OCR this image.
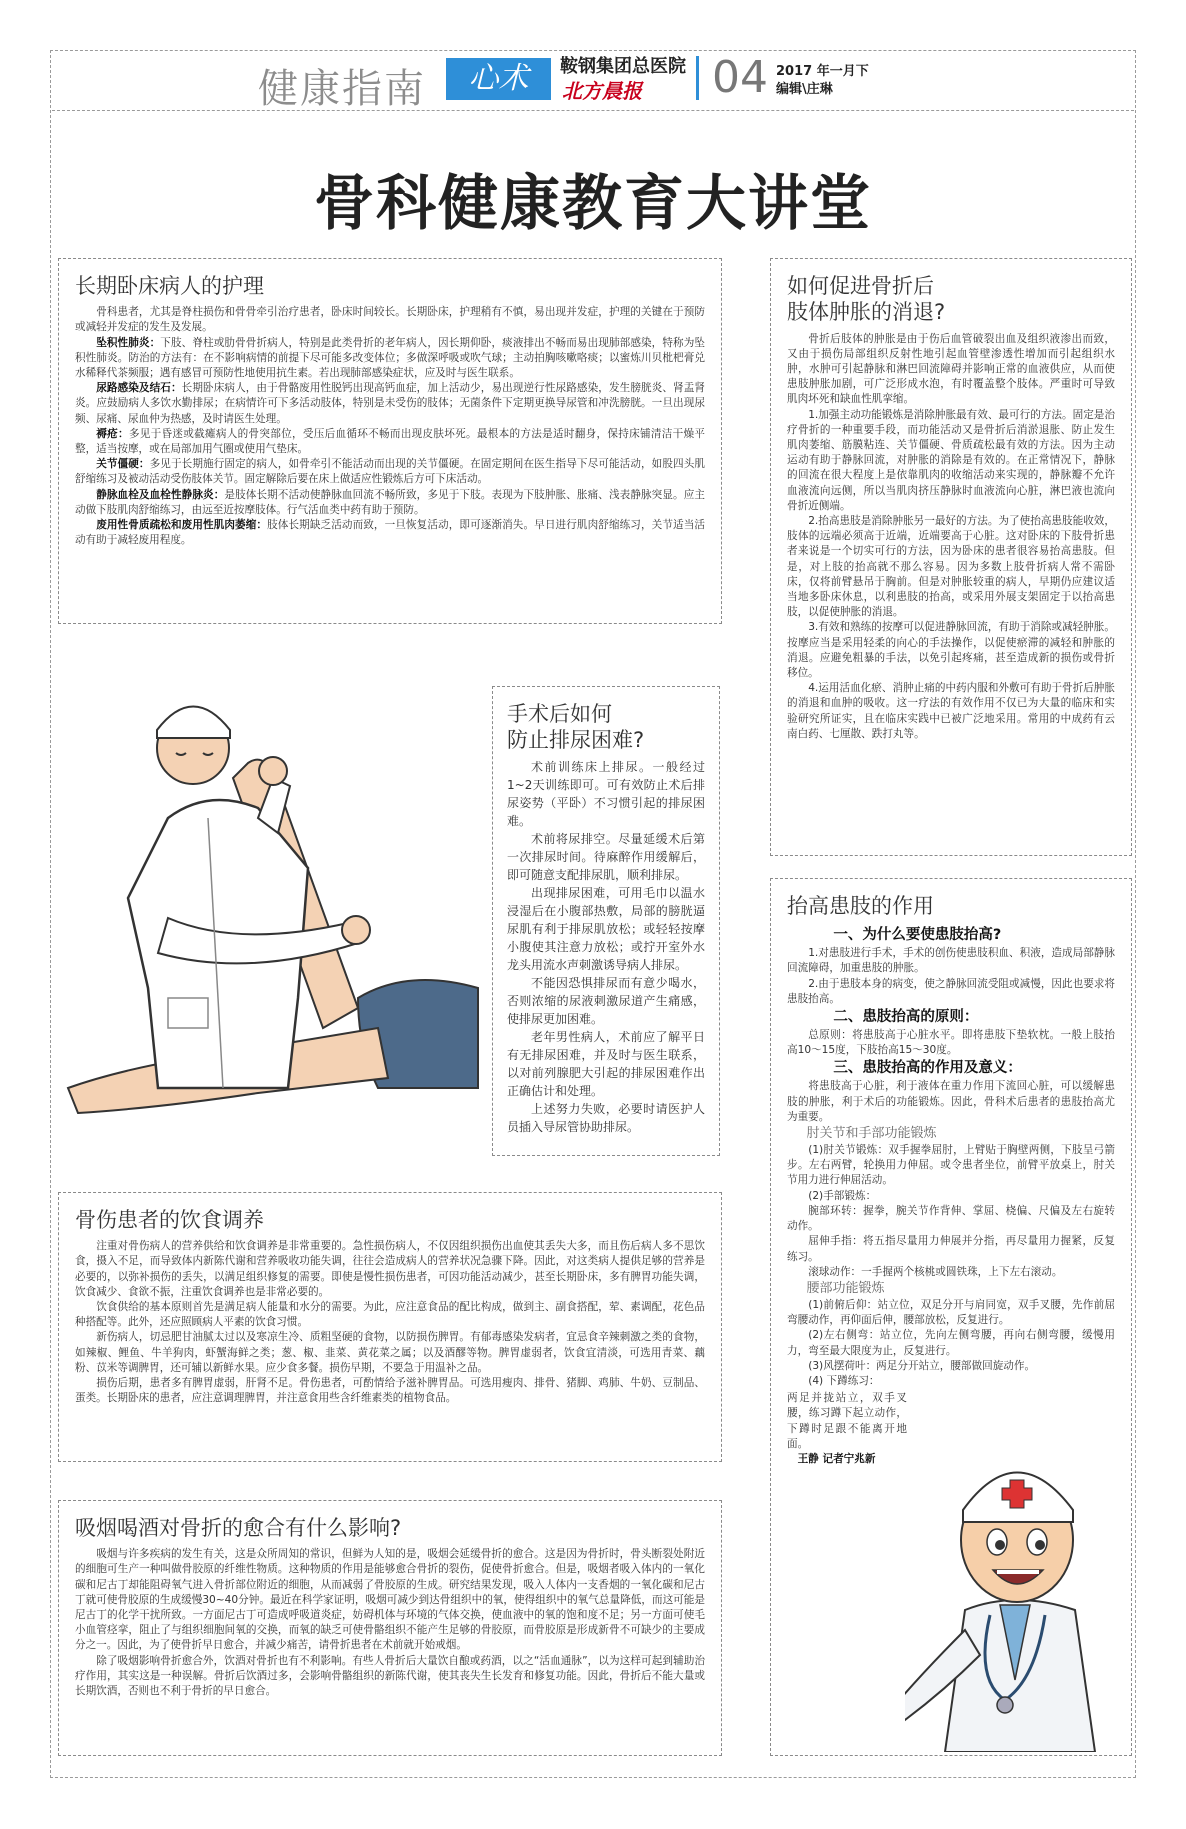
健康指南	心术	鞍钢集团总医院
北方晨报 04 2017 年一月下
编辑\庄琳
骨科健康教育大讲堂
长期卧床病人的护理

骨科患者，尤其是脊柱损伤和骨骨牵引治疗患者，卧床时间较长。长期卧床，护理稍有不慎，易出现并发症，护理的关键在于预防或减轻并发症的发生及发展。

坠积性肺炎：下肢、脊柱或肋骨骨折病人，特别是此类骨折的老年病人，因长期仰卧，痰液排出不畅而易出现肺部感染，特称为坠积性肺炎。防治的方法有：在不影响病情的前提下尽可能多改变体位；多做深呼吸或吹气球；主动拍胸咳嗽咯痰；以蜜炼川贝枇杷膏兑水稀释代茶频服；遇有感冒可预防性地使用抗生素。若出现肺部感染症状，应及时与医生联系。

尿路感染及结石：长期卧床病人，由于骨骼废用性脱钙出现高钙血症，加上活动少，易出现逆行性尿路感染，发生膀胱炎、肾盂肾炎。应鼓励病人多饮水勤排尿；在病情许可下多活动肢体，特别是未受伤的肢体；无菌条件下定期更换导尿管和冲洗膀胱。一旦出现尿频、尿痛、尿血仲为热感，及时请医生处理。

褥疮：多见于昏迷或截瘫病人的骨突部位，受压后血循环不畅而出现皮肤坏死。最根本的方法是适时翻身，保持床铺清洁干燥平整，适当按摩，或在局部加用气圈或使用气垫床。

关节僵硬：多见于长期施行固定的病人，如骨牵引不能活动而出现的关节僵硬。在固定期间在医生指导下尽可能活动，如股四头肌舒缩练习及被动活动受伤肢体关节。固定解除后要在床上做适应性锻炼后方可下床活动。

静脉血栓及血栓性静脉炎：是肢体长期不活动使静脉血回流不畅所致，多见于下肢。表现为下肢肿胀、胀痛、浅表静脉突显。应主动做下肢肌肉舒缩练习，由远至近按摩肢体。行气活血类中药有助于预防。

废用性骨质疏松和废用性肌肉萎缩：肢体长期缺乏活动而致，一旦恢复活动，即可逐渐消失。早日进行肌肉舒缩练习，关节适当活动有助于减轻废用程度。

手术后如何
防止排尿困难?

术前训练床上排尿。一般经过1~2天训练即可。可有效防止术后排尿姿势（平卧）不习惯引起的排尿困难。

术前将尿排空。尽量延缓术后第一次排尿时间。待麻醉作用缓解后，即可随意支配排尿肌，顺利排尿。

出现排尿困难，可用毛巾以温水浸湿后在小腹部热敷，局部的膀胱逼尿肌有利于排尿肌放松；或轻轻按摩小腹使其注意力放松；或拧开室外水龙头用流水声刺激诱导病人排尿。

不能因恐惧排尿而有意少喝水，否则浓缩的尿液刺激尿道产生痛感，使排尿更加困难。

老年男性病人，术前应了解平日有无排尿困难，并及时与医生联系，以对前列腺肥大引起的排尿困难作出正确估计和处理。

上述努力失败，必要时请医护人员插入导尿管协助排尿。

骨伤患者的饮食调养

注重对骨伤病人的营养供给和饮食调养是非常重要的。急性损伤病人，不仅因组织损伤出血使其丢失大多，而且伤后病人多不思饮食，摄入不足，而导致体内新陈代谢和营养吸收功能失调，往往会造成病人的营养状况急骤下降。因此，对这类病人提供足够的营养是必要的，以弥补损伤的丢失，以满足组织修复的需要。即使是慢性损伤患者，可因功能活动减少，甚至长期卧床，多有脾胃功能失调，饮食减少、食欲不振，注重饮食调养也是非常必要的。

饮食供给的基本原则首先是满足病人能量和水分的需要。为此，应注意食品的配比构成，做到主、副食搭配，荤、素调配，花色品种搭配等。此外，还应照顾病人平素的饮食习惯。

新伤病人，切忌肥甘油腻太过以及寒凉生冷、质粗坚硬的食物，以防损伤脾胃。有郁毒感染发病者，宜忌食辛辣刺激之类的食物，如辣椒、鲤鱼、牛羊狗肉，虾蟹海鲜之类；葱、椒、韭菜、黄花菜之属；以及酒醪等物。脾胃虚弱者，饮食宜清淡，可选用青菜、藕粉、苡米等调脾胃，还可辅以新鲜水果。应少食多餐。损伤早期，不要急于用温补之品。

损伤后期，患者多有脾胃虚弱，肝肾不足。骨伤患者，可酌情给予滋补脾胃品。可选用瘦肉、排骨、猪脚、鸡肺、牛奶、豆制品、蛋类。长期卧床的患者，应注意调理脾胃，并注意食用些含纤维素类的植物食品。

吸烟喝酒对骨折的愈合有什么影响?

吸烟与许多疾病的发生有关，这是众所周知的常识，但鲜为人知的是，吸烟会延缓骨折的愈合。这是因为骨折时，骨头断裂处附近的细胞可生产一种叫做骨胶原的纤维性物质。这种物质的作用是能够愈合骨折的裂伤，促使骨折愈合。但是，吸烟者吸入体内的一氧化碳和尼古丁却能阻碍氧气进入骨折部位附近的细胞，从而减弱了骨胶原的生成。研究结果发现，吸入人体内一支香烟的一氧化碳和尼古丁就可使骨胶原的生成缓慢30~40分钟。最近在科学家证明，吸烟可减少到达骨组织中的氧，使得组织中的氧气总量降低，而这可能是尼古丁的化学干扰所致。一方面尼古丁可造成呼吸道炎症，妨碍机体与环境的气体交换，使血液中的氧的饱和度不足；另一方面可使毛小血管痉挛，阻止了与组织细胞间氧的交换，而氧的缺乏可使骨骼组织不能产生足够的骨胶原，而骨胶原是形成新骨不可缺少的主要成分之一。因此，为了使骨折早日愈合，并减少痛苦，请骨折患者在术前就开始戒烟。

除了吸烟影响骨折愈合外，饮酒对骨折也有不利影响。有些人骨折后大量饮自酿或药酒，以之“活血通脉”，以为这样可起到辅助治疗作用，其实这是一种误解。骨折后饮酒过多，会影响骨骼组织的新陈代谢，使其丧失生长发育和修复功能。因此，骨折后不能大量或长期饮酒，否则也不利于骨折的早日愈合。

如何促进骨折后
肢体肿胀的消退?

骨折后肢体的肿胀是由于伤后血管破裂出血及组织液渗出而致，又由于损伤局部组织反射性地引起血管壁渗透性增加而引起组织水肿，水肿可引起静脉和淋巴回流障碍并影响正常的血液供应，从而使患肢肿胀加剧，可广泛形成水泡，有时覆盖整个肢体。严重时可导致肌肉坏死和缺血性肌挛缩。

1.加强主动功能锻炼是消除肿胀最有效、最可行的方法。固定是治疗骨折的一种重要手段，而功能活动又是骨折后消淤退胀、防止发生肌肉萎缩、筋膜粘连、关节僵硬、骨质疏松最有效的方法。因为主动运动有助于静脉回流，对肿胀的消除是有效的。在正常情况下，静脉的回流在很大程度上是依靠肌肉的收缩活动来实现的，静脉瓣不允许血液流向远侧，所以当肌肉挤压静脉时血液流向心脏，淋巴液也流向骨折近侧端。

2.抬高患肢是消除肿胀另一最好的方法。为了使抬高患肢能收效，肢体的远端必须高于近端，近端要高于心脏。这对卧床的下肢骨折患者来说是一个切实可行的方法，因为卧床的患者很容易抬高患肢。但是，对上肢的抬高就不那么容易。因为多数上肢骨折病人常不需卧床，仅将前臂悬吊于胸前。但是对肿胀较重的病人，早期仍应建议适当地多卧床休息，以利患肢的抬高，或采用外展支架固定于以抬高患肢，以促使肿胀的消退。

3.有效和熟练的按摩可以促进静脉回流，有助于消除或减轻肿胀。按摩应当是采用轻柔的向心的手法操作，以促使瘀滞的减轻和肿胀的消退。应避免粗暴的手法，以免引起疼痛，甚至造成新的损伤或骨折移位。

4.运用活血化瘀、消肿止痛的中药内服和外敷可有助于骨折后肿胀的消退和血肿的吸收。这一疗法的有效作用不仅已为大量的临床和实验研究所证实，且在临床实践中已被广泛地采用。常用的中成药有云南白药、七厘散、跌打丸等。

抬高患肢的作用

一、为什么要使患肢抬高?

1.对患肢进行手术，手术的创伤使患肢积血、积液，造成局部静脉回流障碍，加重患肢的肿胀。

2.由于患肢本身的病变，使之静脉回流受阻或减慢，因此也要求将患肢抬高。

二、患肢抬高的原则：

总原则：将患肢高于心脏水平。即将患肢下垫软枕。一般上肢抬高10～15度，下肢抬高15～30度。

三、患肢抬高的作用及意义：

将患肢高于心脏，利于液体在重力作用下流回心脏，可以缓解患肢的肿胀，利于术后的功能锻炼。因此，骨科术后患者的患肢抬高尤为重要。

肘关节和手部功能锻炼

(1)肘关节锻炼：双手握拳屈肘，上臂贴于胸壁两侧，下肢呈弓箭步。左右两臂，轮换用力伸屈。或令患者坐位，前臂平放桌上，肘关节用力进行伸屈活动。

(2)手部锻炼：

腕部环转：握拳，腕关节作背伸、掌屈、桡偏、尺偏及左右旋转动作。

屈伸手指：将五指尽量用力伸展并分指，再尽量用力握紧，反复练习。

滚球动作：一手握两个核桃或圆铁珠，上下左右滚动。

腰部功能锻炼

(1)前俯后仰：站立位，双足分开与肩同宽，双手叉腰，先作前屈弯腰动作，再仰面后伸，腰部放松，反复进行。

(2)左右侧弯：站立位，先向左侧弯腰，再向右侧弯腰，缓慢用力，弯至最大限度为止，反复进行。

(3)风摆荷叶：两足分开站立，腰部做回旋动作。

(4) 下蹲练习：

两足并拢站立，双手叉腰，练习蹲下起立动作，下蹲时足跟不能离开地面。

王静 记者宁兆新
